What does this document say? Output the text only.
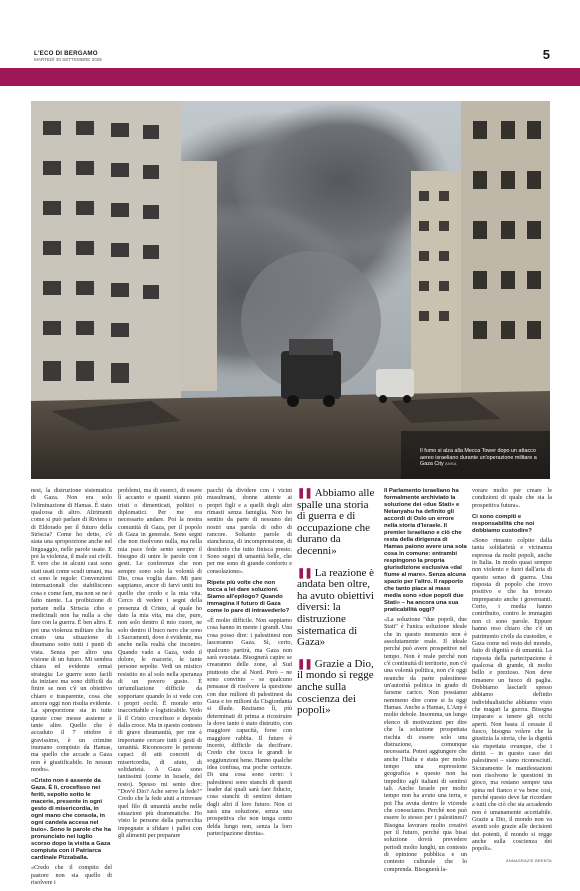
L'ECO DI BERGAMO
MARTEDÌ 30 SETTEMBRE 2025	5
Il fumo si alza alla Mecca Tower dopo un attacco aereo israeliano durante un'operazione militare a Gaza City ANSA

nesi, la distruzione sistematica di Gaza. Non era solo l'eliminazione di Hamas. È stato qualcosa di altro. Altrimenti come si può parlare di Riviera o di Eldorado per il futuro della Striscia? Come ho detto, c'è stata una sproporzione anche nel linguaggio, nelle parole usate. E poi la violenza, il male sui civili. È vero che in alcuni casi sono stati usati come scudi umani, ma ci sono le regole: Convenzioni internazionali che stabiliscono cosa e come fare, ma non se ne è fatto niente. La proibizione di portare nella Striscia cibo e medicinali non ha nulla a che fare con la guerra. È ben altro. È poi una violenza militare che ha creato una situazione di disumano sotto tutti i punti di vista. Senza per altro una visione di un futuro. Mi sembra chiara ed evidente ermai strategia: Le guerre sono facili da iniziare ma sono difficili da finire se non c'è un obiettivo chiaro e trasparente, cosa che ancora oggi non risulta evidente. La sproporzione sta in tutte queste cose messe assieme e tante altre. Quello che è accaduto il 7 ottobre è gravissimo, è un crimine inumano compiuto da Hamas, ma quello che accade a Gaza non è giustificabile. In nessun modo».

«Cristo non è assente da Gaza. È lì, crocefisso nei feriti, sepolto sotto le macerie, presente in ogni gesto di misericordia, in ogni mano che consola, in ogni candela accesa nel buio». Sono le parole che ha pronunciato nei luglio scorso dopo la visita a Gaza compiuta con il Patriarca cardinale Pizzaballa.

«Credo che il compito del pastore non sia quello di risolvere i

problemi, ma di esserci, di essere lì accanto e quanti stanno più tristi o dimenticati, politici o diplomatici. Per me era necessario andare. Poi la nostra comunità di Gaza, per il popolo di Gaza in generale. Sono segni che non risolvono nulla, ma nella mia pace fede sento sempre il bisogno di unire le parole con i gesti. Le conferenze che non sempre sono solo la volontà di Dio, cosa voglia dare. Mi pare sappiamo, ancor di farvi uniti tra quello che credo e la mia vita. Cerco di vedere i segni della presenza di Cristo, al quale ho dato la mia vita, ma che, pure, non solo dentro il mio cuore, ne solo dentro il buco nero che sono i Sacramenti, dove è evidente, ma anche nella realtà che incontro. Quando vado a Gaza, vedo il dolore, le macerie, le tante persone sepolte. Vedi un mistico resistito no al solo nella speranza di un povero gusto. È un'umiliazione difficile da sopportare quando lo si vede con i propri occhi. È morale erto inaccettabile e logisticabile. Vedo lì il Cristo crocefisso e deposto dalla croce. Ma in questo contesto di grave disumanità, per me è importante cercare tutti i gesti di umanità. Riconoscere le persone capaci di atti concreti di misericordia, di aiuto, di solidarietà. A Gaza sono tantissimi (come in Israele, del resto). Spesso mi sento dire: "Dov'è Dio? Ache serve la fede?" Credo che la fede aiuti a ritrovare quel filo di umanità anche nelle situazioni più drammatiche. Ho visto le persone della parrocchia impegnate a sfidare i pallet con gli alimenti per preparare

pacchi da dividere con i vicini musulmani, donne attente ai propri figli e a quelli degli altri rimasti senza famiglia. Non ho sentito da parte di nessuno dei nostri una parola di odio di rancore. Soltanto parole di stanchezza, di incomprensione, di desiderio che tutto finisca presto. Sono segni di umanità belle, che per me sono di grande conforto e consolazione».

Ripete più volte che non tocca a lei dare soluzioni. Siamo all'epilogo? Quando immagina il futuro di Gaza come lo pare di intravederlo?

«È molto difficile. Non sappiamo cosa hanno in mente i grandi. Una cosa posso dire: i palestinesi non lasceranno Gaza. Sì, certo, qualcuno partirà, ma Gaza non sarà svuotata. Bisognerà capire se crearanno delle zone, al Sud piuttosto che al Nord. Però – ne sono convinto – se qualcuno pensasse di risolvere la questione con due milioni di palestinesi da Gaza e tre milioni da Cisgiordania si illude. Restiamo lì, più determinati di prima a ricostruire la dove tanto è stato distrutto, con maggiore capacità, forse con maggiore rabbia. Il futuro è incerto, difficile da decifrare. Credo che tocca le grandi le soggiunzioni bene. Hanno qualche idea confusa, ma poche certezze. Di una cosa sono certo: i palestinesi sono stanchi di questi leader dai quali sarà fare fiducio, cosa stanchi di sentirsi dettare dagli altri il loro futuro. Non ci sarà una soluzione, senza una prospettiva che non tenga conto delda lungo non, senza la loro partecipazione diretta».

❚❚ Abbiamo alle spalle una storia di guerra e di occupazione che durano da decenni»
❚❚ La reazione è andata ben oltre, ha avuto obiettivi diversi: la distruzione sistematica di Gaza»
❚❚ Grazie a Dio, il mondo si regge anche sulla coscienza dei popoli»

Il Parlamento israeliano ha formalmente archiviato la soluzione dei «due Stati» e Netanyahu ha definito gli accordi di Oslo un errore nella storia d'Israele. Il premier Israeliano e ciò che resta della dirigenza di Hamas paiono avere una sola cosa in comune: entrambi respingono la propria giurisdizione esclusiva «dal fiume al mare». Senza alcuna spazio per l'altro. Il rapporto che tanto piace ai mass media sono «due popoli due Stati» – ha ancora una sua praticabilità oggi?

«La soluzione "due popoli, due Stati" è l'unica soluzione ideale che in questo momento non è assolutamente reale. Il ideale perché può avere prospettive nel tempo. Non è reale perché non c'è continuità di territorio, non c'è una volontà politica, non c'è oggi neanche da parte palestinese un'autorità politica in grado di farsene carico. Non possiamo nemmeno dire come si fa oggi Hamas. Anche a Hamas, L'Anp è molto debole. Insomma, un lungo elenco di motivazioni per dire che la soluzione prospettata rischia di essere solo una distrazione, comunque necessaria. Potrei aggiungere che anche l'Italia e stata per molto tempo una espressione geografica e questo non ha impedito agli italiani di sentirsi tali. Anche Israele per molto tempo non ha avuto una terra, e poi l'ha avuta dentro le vicende che conosciamo. Perché non può essere lo stesso per i palestinesi? Bisogna lavorare molto creativi per il futuro, perché qua bisai soluzione dovrà prevedere periodi molto lunghi, un contesto di opinione pubblica e un contesto culturale che lo comprenda. Bisognerà la-

vorare molto per creare le condizioni di quale che sia la prospettiva futura».

Ci sono compiti e responsabilità che noi dobbiamo custodire?

«Sono rimasto colpito dalla tanta solidarietà e vicinanza espressa da molti popoli, anche in Italia. In modo quasi sempre non violento e fuori dall'aria di questo senso di guerra. Una risposta di popolo che trovo positivo e che ha trovato impreparato anche i governanti. Certo, i media hanno contribuito, contro le immagini non ci sono parole. Eppure hanno reso chiaro che c'è un patrimonio civile da custodire, e Gaza come nel resto del mondo, fatto di dignità e di umanità. La risposta della partecipazione è qualcosa di grande, di molto bello e prezioso. Non deve rimanere un fuoco di paglia. Dobbiamo lasciarli spesso abbiamo definito individualistiche abbiamo visto che magari la guerra. Bisogna imparare a tenere gli occhi aperti. Non basta il cessate il fuoco, bisogna volere che la giustizia la storia, che la dignità sia rispettata ovunque, che i diritti – in questo caso dei palestinesi – siano riconosciuti. Sicuramente le manifestazioni non risolvono le questioni in gioco, ma restano sempre una spina nel fianco e va bene così, perché questo deve far ricordare a tutti che ciò che sta accadendo non è umanamente accettabile. Grazie a Dio, il mondo non va avanti solo grazie alle decisioni dei potenti, il mondo si regge anche sulla coscienza dei popoli».

ANNAGRAZIE BRENTA
